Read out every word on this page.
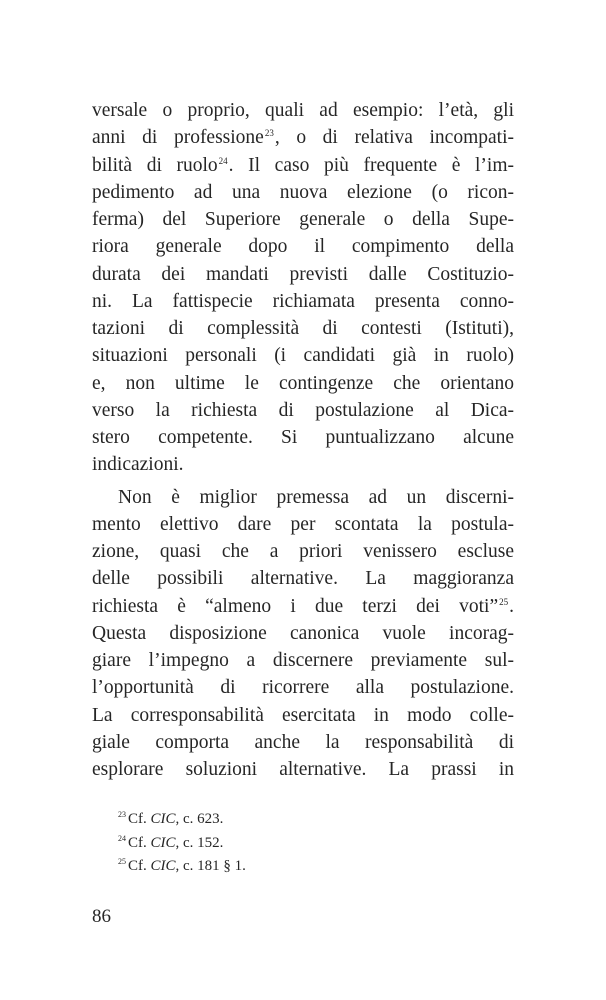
versale o proprio, quali ad esempio: l’età, gli
anni di professione$^{23}$, o di relativa incompati-
bilità di ruolo$^{24}$. Il caso più frequente è l’im-
pedimento ad una nuova elezione (o ricon-
ferma) del Superiore generale o della Supe-
riora generale dopo il compimento della
durata dei mandati previsti dalle Costituzio-
ni. La fattispecie richiamata presenta conno-
tazioni di complessità di contesti (Istituti),
situazioni personali (i candidati già in ruolo)
e, non ultime le contingenze che orientano
verso la richiesta di postulazione al Dica-
stero competente. Si puntualizzano alcune
indicazioni.
Non è miglior premessa ad un discerni-
mento elettivo dare per scontata la postula-
zione, quasi che a priori venissero escluse
delle possibili alternative. La maggioranza
richiesta è “almeno i due terzi dei voti”$^{25}$.
Questa disposizione canonica vuole incorag-
giare l’impegno a discernere previamente sul-
l’opportunità di ricorrere alla postulazione.
La corresponsabilità esercitata in modo colle-
giale comporta anche la responsabilità di
esplorare soluzioni alternative. La prassi in
$^{23}$ Cf. CIC, c. 623.
$^{24}$ Cf. CIC, c. 152.
$^{25}$ Cf. CIC, c. 181 § 1.
86
